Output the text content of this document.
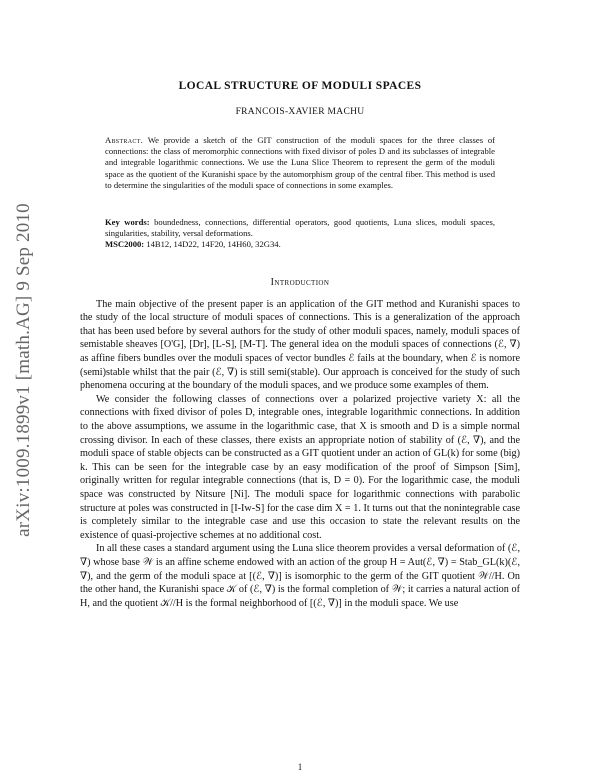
arXiv:1009.1899v1 [math.AG] 9 Sep 2010
LOCAL STRUCTURE OF MODULI SPACES
FRANCOIS-XAVIER MACHU
Abstract. We provide a sketch of the GIT construction of the moduli spaces for the three classes of connections: the class of meromorphic connections with fixed divisor of poles D and its subclasses of integrable and integrable logarithmic connections. We use the Luna Slice Theorem to represent the germ of the moduli space as the quotient of the Kuranishi space by the automorphism group of the central fiber. This method is used to determine the singularities of the moduli space of connections in some examples.
Key words: boundedness, connections, differential operators, good quotients, Luna slices, moduli spaces, singularities, stability, versal deformations.
MSC2000: 14B12, 14D22, 14F20, 14H60, 32G34.
Introduction

The main objective of the present paper is an application of the GIT method and Kuranishi spaces to the study of the local structure of moduli spaces of connections. This is a generalization of the approach that has been used before by several authors for the study of other moduli spaces, namely, moduli spaces of semistable sheaves [O'G], [Dr], [L-S], [M-T]. The general idea on the moduli spaces of connections (ℰ, ∇) as affine fibers bundles over the moduli spaces of vector bundles ℰ fails at the boundary, when ℰ is nomore (semi)stable whilst that the pair (ℰ, ∇) is still semi(stable). Our approach is conceived for the study of such phenomena occuring at the boundary of the moduli spaces, and we produce some examples of them.

We consider the following classes of connections over a polarized projective variety X: all the connections with fixed divisor of poles D, integrable ones, integrable logarithmic connections. In addition to the above assumptions, we assume in the logarithmic case, that X is smooth and D is a simple normal crossing divisor. In each of these classes, there exists an appropriate notion of stability of (ℰ, ∇), and the moduli space of stable objects can be constructed as a GIT quotient under an action of GL(k) for some (big) k. This can be seen for the integrable case by an easy modification of the proof of Simpson [Sim], originally written for regular integrable connections (that is, D = 0). For the logarithmic case, the moduli space was constructed by Nitsure [Ni]. The moduli space for logarithmic connections with parabolic structure at poles was constructed in [I-Iw-S] for the case dim X = 1. It turns out that the nonintegrable case is completely similar to the integrable case and use this occasion to state the relevant results on the existence of quasi-projective schemes at no additional cost.

In all these cases a standard argument using the Luna slice theorem provides a versal deformation of (ℰ, ∇) whose base 𝒲 is an affine scheme endowed with an action of the group H = Aut(ℰ, ∇) = Stab_GL(k)(ℰ, ∇), and the germ of the moduli space at [(ℰ, ∇)] is isomorphic to the germ of the GIT quotient 𝒲//H. On the other hand, the Kuranishi space 𝒦 of (ℰ, ∇) is the formal completion of 𝒲; it carries a natural action of H, and the quotient 𝒦//H is the formal neighborhood of [(ℰ, ∇)] in the moduli space. We use

1
